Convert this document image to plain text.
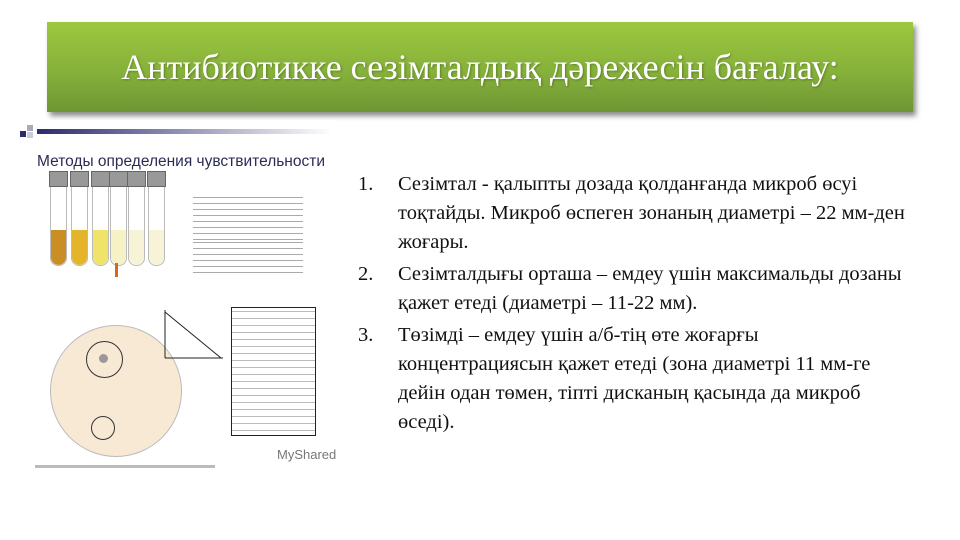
Антибиотикке сезімталдық дәрежесін бағалау:
Методы определения чувствительности
MyShared
1. Сезімтал - қалыпты дозада қолданғанда микроб өсуі тоқтайды. Микроб өспеген зонаның диаметрі – 22 мм-ден жоғары.
2. Сезімталдығы орташа – емдеу үшін максимальды дозаны қажет етеді (диаметрі – 11-22 мм).
3. Төзімді – емдеу үшін а/б-тің өте жоғарғы концентрациясын қажет етеді (зона диаметрі 11 мм-ге дейін одан төмен, тіпті дисканың қасында да микроб өседі).
